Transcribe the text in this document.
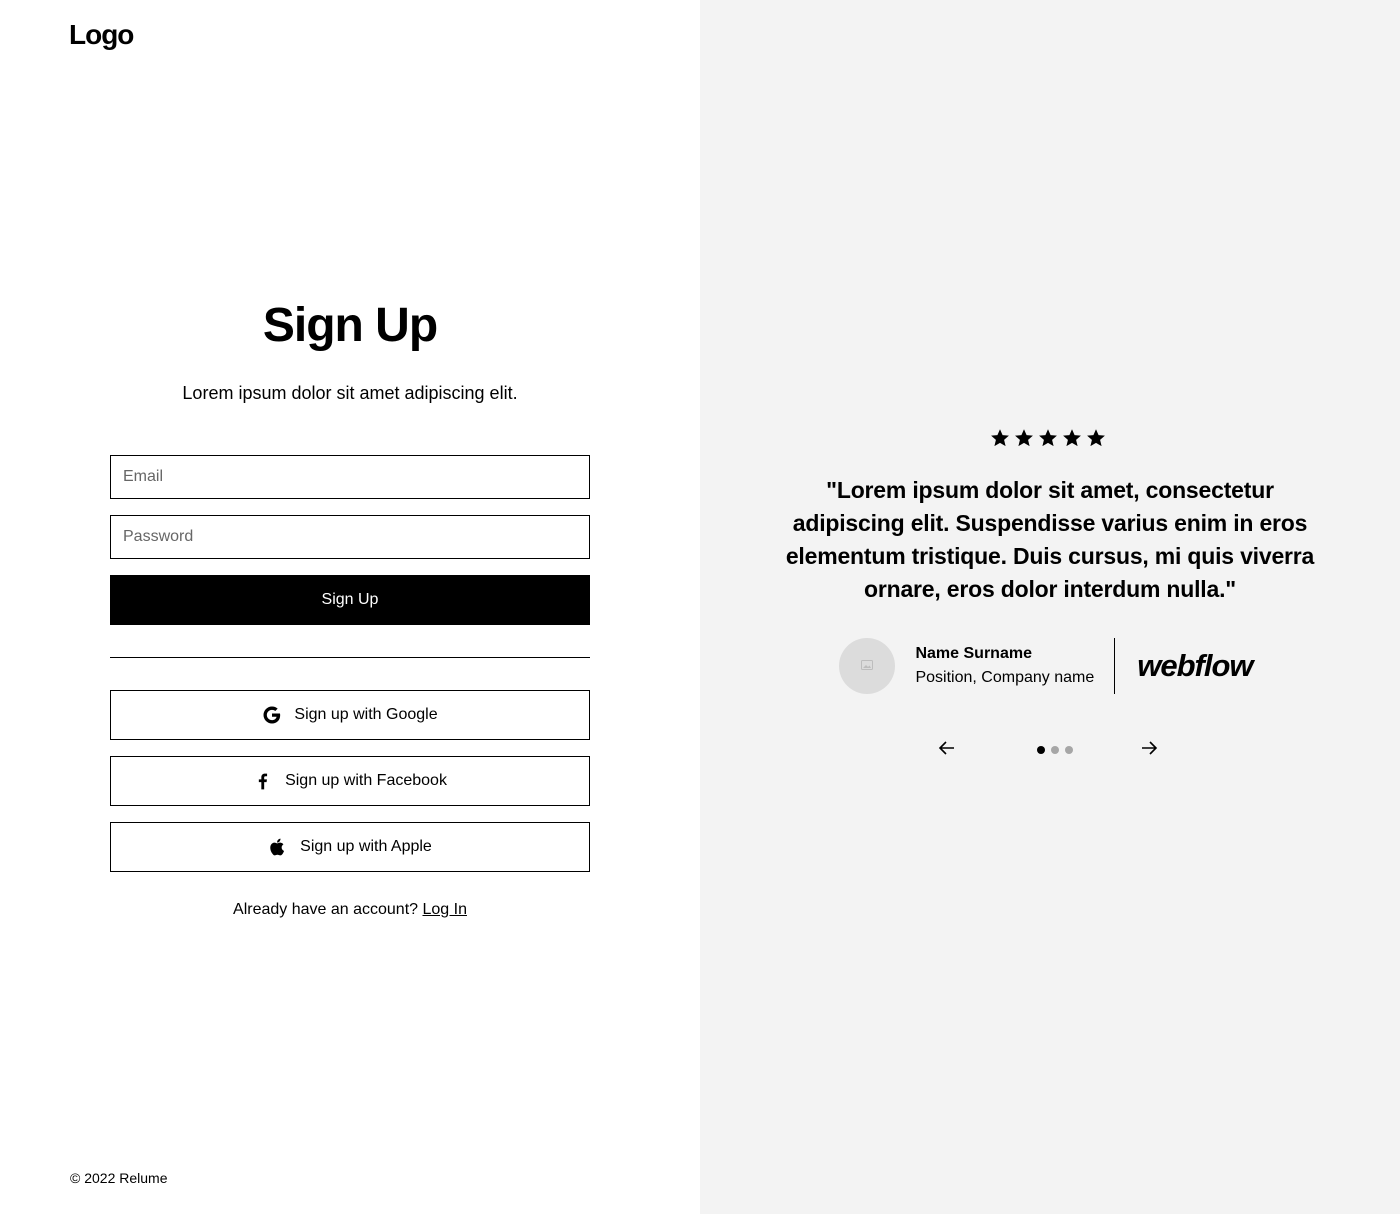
Logo
Sign Up

Lorem ipsum dolor sit amet adipiscing elit.

Email
Sign Up
Sign up with Google
Sign up with Facebook
Sign up with Apple

Already have an account? Log In

© 2022 Relume

"Lorem ipsum dolor sit amet, consectetur adipiscing elit. Suspendisse varius enim in eros elementum tristique. Duis cursus, mi quis viverra ornare, eros dolor interdum nulla."

Name Surname
Position, Company name webflow
